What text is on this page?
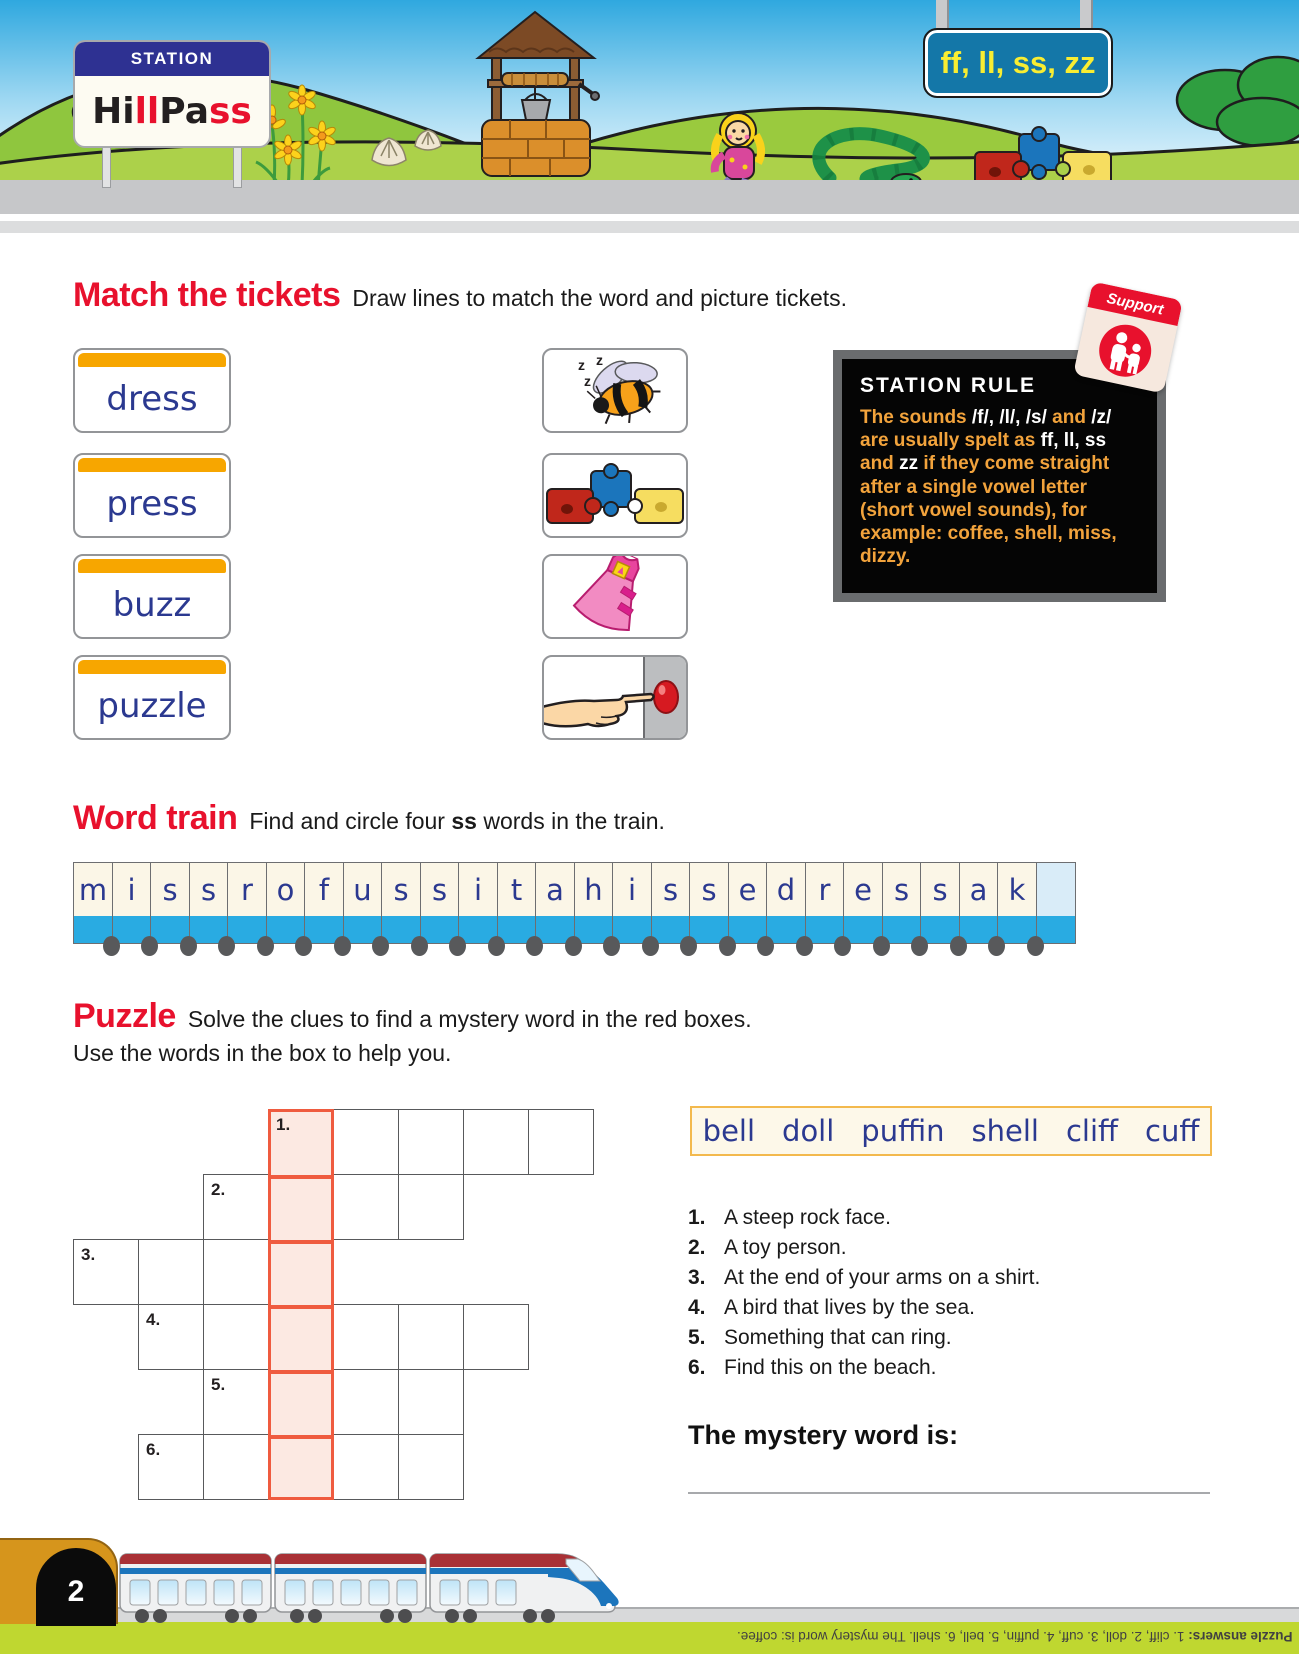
ff, ll, ss, zz
STATION
Hi ll Pa ss
Match the tickets Draw lines to match the word and picture tickets.
dress
press
buzz
puzzle
z z
z	STATION RULE
The sounds /f/, /l/, /s/ and /z/ are usually spelt as ff, ll, ss and zz if they come straight after a single vowel letter (short vowel sounds), for example: coffee, shell, miss, dizzy.
Support
Word train Find and circle four ss words in the train.
m i s s r o f u s s i t a h i s s e d r e s s a k
Puzzle Solve the clues to find a mystery word in the red boxes.
Use the words in the box to help you.
1.
2.
3.
4.
5.
6.
bell doll puffin shell cliff cuff
1. A steep rock face.
2. A toy person.
3. At the end of your arms on a shirt.
4. A bird that lives by the sea.
5. Something that can ring.
6. Find this on the beach.
The mystery word is:
2
Puzzle answers: 1. cliff, 2. doll, 3. cuff, 4. puffin, 5. bell, 6. shell. The mystery word is: coffee.
